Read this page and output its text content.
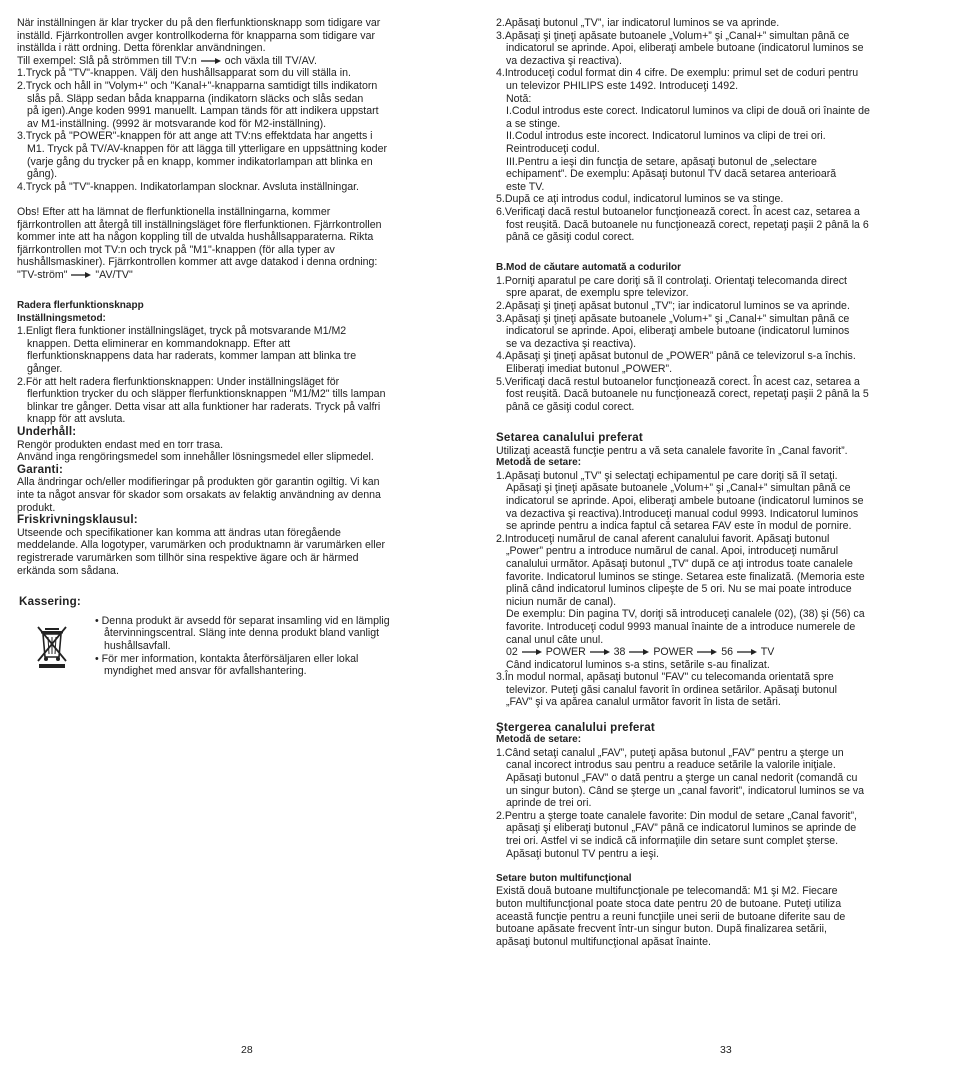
När inställningen är klar trycker du på den flerfunktionsknapp som tidigare var

inställd. Fjärrkontrollen avger kontrollkoderna för knapparna som tidigare var

inställda i rätt ordning. Detta förenklar användningen.

Till exempel: Slå på strömmen till TV:n	och växla till TV/AV.

1.Tryck på "TV"-knappen. Välj den hushållsapparat som du vill ställa in.
2.Tryck och håll in "Volym+" och "Kanal+"-knapparna samtidigt tills indikatorn
slås på. Släpp sedan båda knapparna (indikatorn släcks och slås sedan
på igen).Ange koden 9991 manuellt. Lampan tänds för att indikera uppstart
av M1-inställning. (9992 är motsvarande kod för M2-inställning).
3.Tryck på "POWER"-knappen för att ange att TV:ns effektdata har angetts i
M1. Tryck på TV/AV-knappen för att lägga till ytterligare en uppsättning koder
(varje gång du trycker på en knapp, kommer indikatorlampan att blinka en
gång).
4.Tryck på "TV"-knappen. Indikatorlampan slocknar. Avsluta inställningar.

Obs! Efter att ha lämnat de flerfunktionella inställningarna, kommer

fjärrkontrollen att återgå till inställningsläget före flerfunktionen. Fjärrkontrollen

kommer inte att ha någon koppling till de utvalda hushållsapparaterna. Rikta

fjärrkontrollen mot TV:n och tryck på "M1"-knappen (för alla typer av

hushållsmaskiner). Fjärrkontrollen kommer att avge datakod i denna ordning:

"TV-ström"	"AV/TV"

Radera flerfunktionsknapp

Inställningsmetod:

1.Enligt flera funktioner inställningsläget, tryck på motsvarande M1/M2
knappen. Detta eliminerar en kommandoknapp. Efter att
flerfunktionsknappens data har raderats, kommer lampan att blinka tre
gånger.
2.För att helt radera flerfunktionsknappen: Under inställningsläget för
flerfunktion trycker du och släpper flerfunktionsknappen "M1/M2" tills lampan
blinkar tre gånger. Detta visar att alla funktioner har raderats. Tryck på valfri
knapp för att avsluta.

Underhåll:

Rengör produkten endast med en torr trasa.

Använd inga rengöringsmedel som innehåller lösningsmedel eller slipmedel.

Garanti:

Alla ändringar och/eller modifieringar på produkten gör garantin ogiltig. Vi kan

inte ta något ansvar för skador som orsakats av felaktig användning av denna

produkt.

Friskrivningsklausul:

Utseende och specifikationer kan komma att ändras utan föregående

meddelande. Alla logotyper, varumärken och produktnamn är varumärken eller

registrerade varumärken som tillhör sina respektive ägare och är härmed

erkända som sådana.

Kassering:

• Denna produkt är avsedd för separat insamling vid en lämplig
återvinningscentral. Släng inte denna produkt bland vanligt
hushållsavfall.
• För mer information, kontakta återförsäljaren eller lokal
myndighet med ansvar för avfallshantering.
2.Apăsaţi butonul „TV”, iar indicatorul luminos se va aprinde.
3.Apăsaţi şi ţineţi apăsate butoanele „Volum+” şi „Canal+” simultan până ce
indicatorul se aprinde. Apoi, eliberaţi ambele butoane (indicatorul luminos se
va dezactiva şi reactiva).
4.Introduceţi codul format din 4 cifre. De exemplu: primul set de coduri pentru
un televizor PHILIPS este 1492. Introduceţi 1492.

Notă:

I.Codul introdus este corect. Indicatorul luminos va clipi de două ori înainte de

a se stinge.

II.Codul introdus este incorect. Indicatorul luminos va clipi de trei ori.

Reintroduceţi codul.

III.Pentru a ieşi din funcţia de setare, apăsaţi butonul de „selectare

echipament”. De exemplu: Apăsaţi butonul TV dacă setarea anterioară

este TV.

5.După ce aţi introdus codul, indicatorul luminos se va stinge.
6.Verificaţi dacă restul butoanelor funcţionează corect. În acest caz, setarea a
fost reuşită. Dacă butoanele nu funcţionează corect, repetaţi paşii 2 până la 6
până ce găsiţi codul corect.

B.Mod de căutare automată a codurilor

1.Porniţi aparatul pe care doriţi să îl controlaţi. Orientaţi telecomanda direct
spre aparat, de exemplu spre televizor.
2.Apăsaţi şi ţineţi apăsat butonul „TV”; iar indicatorul luminos se va aprinde.
3.Apăsaţi şi ţineţi apăsate butoanele „Volum+” şi „Canal+” simultan până ce
indicatorul se aprinde. Apoi, eliberaţi ambele butoane (indicatorul luminos
se va dezactiva şi reactiva).
4.Apăsaţi şi ţineţi apăsat butonul de „POWER” până ce televizorul s-a închis.
Eliberaţi imediat butonul „POWER”.
5.Verificaţi dacă restul butoanelor funcţionează corect. În acest caz, setarea a
fost reuşită. Dacă butoanele nu funcţionează corect, repetaţi paşii 2 până la 5
până ce găsiţi codul corect.

Setarea canalului preferat

Utilizaţi această funcţie pentru a vă seta canalele favorite în „Canal favorit”.

Metodă de setare:

1.Apăsaţi butonul „TV” şi selectaţi echipamentul pe care doriţi să îl setaţi.
Apăsaţi şi ţineţi apăsate butoanele „Volum+” şi „Canal+” simultan până ce
indicatorul se aprinde. Apoi, eliberaţi ambele butoane (indicatorul luminos se
va dezactiva şi reactiva).Introduceţi manual codul 9993. Indicatorul luminos
se aprinde pentru a indica faptul că setarea FAV este în modul de pornire.
2.Introduceţi numărul de canal aferent canalului favorit. Apăsaţi butonul
„Power” pentru a introduce numărul de canal. Apoi, introduceţi numărul
canalului următor. Apăsaţi butonul „TV” după ce aţi introdus toate canalele
favorite. Indicatorul luminos se stinge. Setarea este finalizată. (Memoria este
plină când indicatorul luminos clipeşte de 5 ori. Nu se mai poate introduce
niciun număr de canal).
De exemplu: Din pagina TV, doriţi să introduceţi canalele (02), (38) şi (56) ca
favorite. Introduceţi codul 9993 manual înainte de a introduce numerele de
canal unul câte unul.
02	POWER	38	POWER	56	TV
Când indicatorul luminos s-a stins, setările s-au finalizat.
3.În modul normal, apăsaţi butonul "FAV" cu telecomanda orientată spre
televizor. Puteţi găsi canalul favorit în ordinea setărilor. Apăsaţi butonul
„FAV” şi va apărea canalul următor favorit în lista de setări.

Ştergerea canalului preferat

Metodă de setare:

1.Când setaţi canalul „FAV”, puteţi apăsa butonul „FAV” pentru a şterge un
canal incorect introdus sau pentru a readuce setările la valorile iniţiale.
Apăsaţi butonul „FAV” o dată pentru a şterge un canal nedorit (comandă cu
un singur buton). Când se şterge un „canal favorit”, indicatorul luminos se va
aprinde de trei ori.
2.Pentru a şterge toate canalele favorite: Din modul de setare „Canal favorit”,
apăsaţi şi eliberaţi butonul „FAV” până ce indicatorul luminos se aprinde de
trei ori. Astfel vi se indică că informaţiile din setare sunt complet şterse.
Apăsaţi butonul TV pentru a ieşi.

Setare buton multifuncţional

Există două butoane multifuncţionale pe telecomandă: M1 şi M2. Fiecare

buton multifuncţional poate stoca date pentru 20 de butoane. Puteţi utiliza

această funcţie pentru a reuni funcţiile unei serii de butoane diferite sau de

butoane apăsate frecvent într-un singur buton. După finalizarea setării,

apăsaţi butonul multifuncţional apăsat înainte.

28	33
